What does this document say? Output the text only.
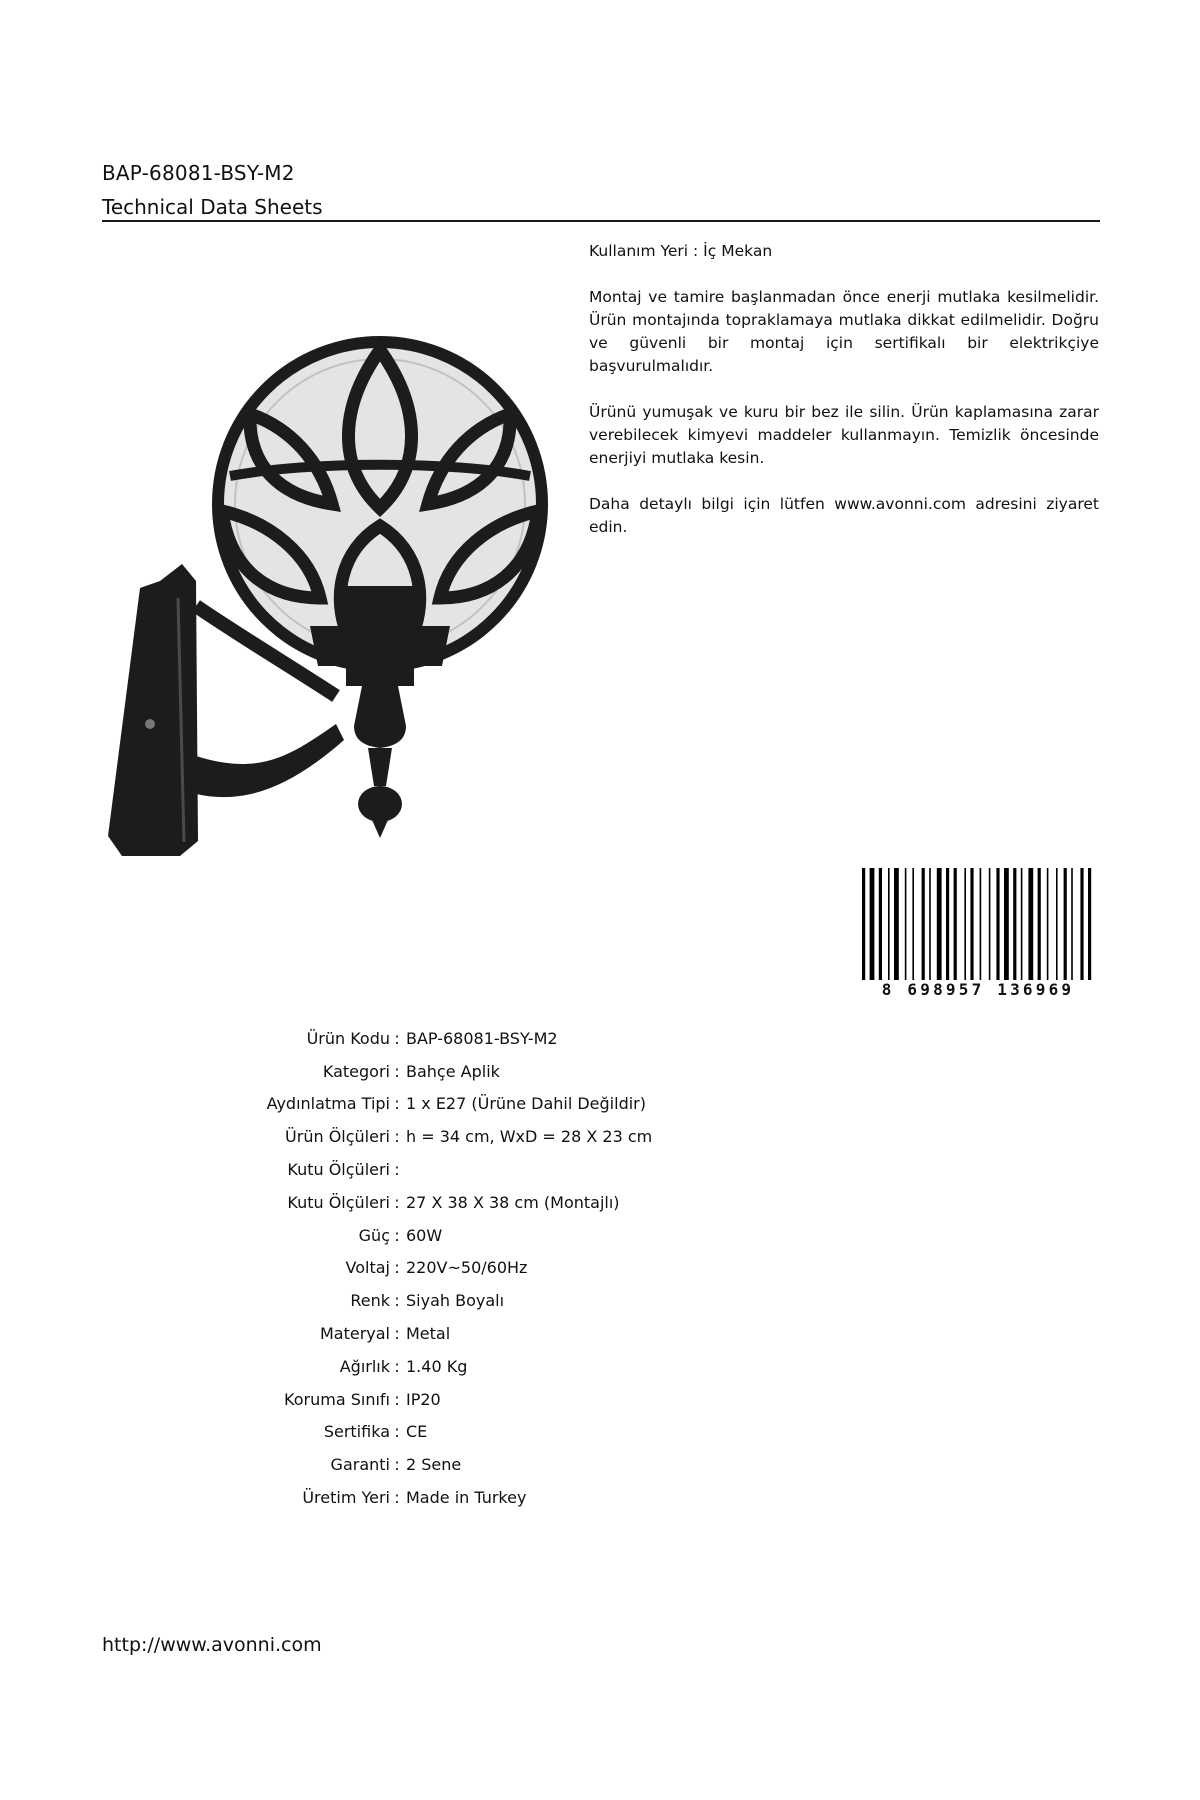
BAP-68081-BSY-M2
Technical Data Sheets

Kullanım Yeri : İç Mekan

Montaj ve tamire başlanmadan önce enerji mutlaka kesilmelidir. Ürün montajında topraklamaya mutlaka dikkat edilmelidir. Doğru ve güvenli bir montaj için sertifikalı bir elektrikçiye başvurulmalıdır.

Ürünü yumuşak ve kuru bir bez ile silin. Ürün kaplamasına zarar verebilecek kimyevi maddeler kullanmayın. Temizlik öncesinde enerjiyi mutlaka kesin.

Daha detaylı bilgi için lütfen www.avonni.com adresini ziyaret edin.

8 698957 136969
Ürün Kodu : BAP-68081-BSY-M2
Kategori : Bahçe Aplik
Aydınlatma Tipi : 1 x E27 (Ürüne Dahil Değildir)
Ürün Ölçüleri : h = 34 cm, WxD = 28 X 23 cm
Kutu Ölçüleri :
Kutu Ölçüleri : 27 X 38 X 38 cm (Montajlı)
Güç : 60W
Voltaj : 220V~50/60Hz
Renk : Siyah Boyalı
Materyal : Metal
Ağırlık : 1.40 Kg
Koruma Sınıfı : IP20
Sertifika : CE
Garanti : 2 Sene
Üretim Yeri : Made in Turkey
http://www.avonni.com
